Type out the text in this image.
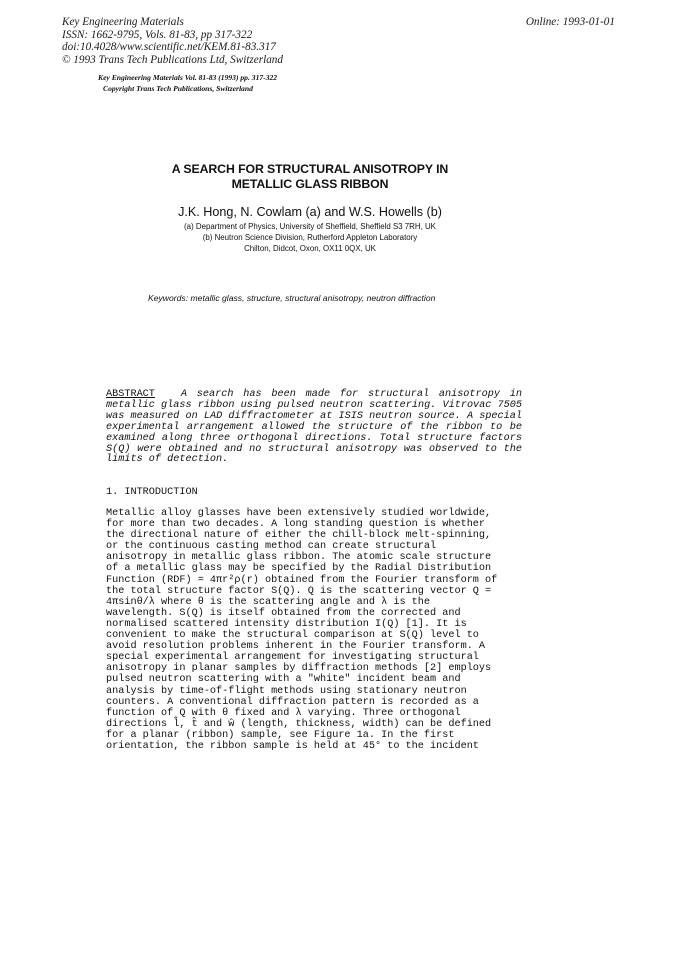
Key Engineering Materials
ISSN: 1662-9795, Vols. 81-83, pp 317-322
doi:10.4028/www.scientific.net/KEM.81-83.317
© 1993 Trans Tech Publications Ltd, Switzerland
Online: 1993-01-01
Key Engineering Materials Vol. 81-83 (1993) pp. 317-322
Copyright Trans Tech Publications, Switzerland
A SEARCH FOR STRUCTURAL ANISOTROPY IN
METALLIC GLASS RIBBON
J.K. Hong, N. Cowlam (a) and W.S. Howells (b)
(a) Department of Physics, University of Sheffield, Sheffield S3 7RH, UK
(b) Neutron Science Division, Rutherford Appleton Laboratory
Chilton, Didcot, Oxon, OX11 0QX, UK
Keywords: metallic glass, structure, structural anisotropy, neutron diffraction
ABSTRACT	A search has been made for structural anisotropy in metallic glass ribbon using pulsed neutron scattering. Vitrovac 7505 was measured on LAD diffractometer at ISIS neutron source. A special experimental arrangement allowed the structure of the ribbon to be examined along three orthogonal directions. Total structure factors S(Q) were obtained and no structural anisotropy was observed to the limits of detection.
1. INTRODUCTION
Metallic alloy glasses have been extensively studied worldwide,
for more than two decades. A long standing question is whether
the directional nature of either the chill-block melt-spinning,
or the continuous casting method can create structural
anisotropy in metallic glass ribbon. The atomic scale structure
of a metallic glass may be specified by the Radial Distribution
Function (RDF) = 4πr²ρ(r) obtained from the Fourier transform of
the total structure factor S(Q). Q is the scattering vector Q =
4πsinθ/λ where θ is the scattering angle and λ is the
wavelength. S(Q) is itself obtained from the corrected and
normalised scattered intensity distribution I(Q) [1]. It is
convenient to make the structural comparison at S(Q) level to
avoid resolution problems inherent in the Fourier transform. A
special experimental arrangement for investigating structural
anisotropy in planar samples by diffraction methods [2] employs
pulsed neutron scattering with a "white" incident beam and
analysis by time-of-flight methods using stationary neutron
counters. A conventional diffraction pattern is recorded as a
function of Q with θ fixed and λ varying. Three orthogonal
directions l̂, t̂ and ŵ (length, thickness, width) can be defined
for a planar (ribbon) sample, see Figure 1a. In the first
orientation, the ribbon sample is held at 45° to the incident
